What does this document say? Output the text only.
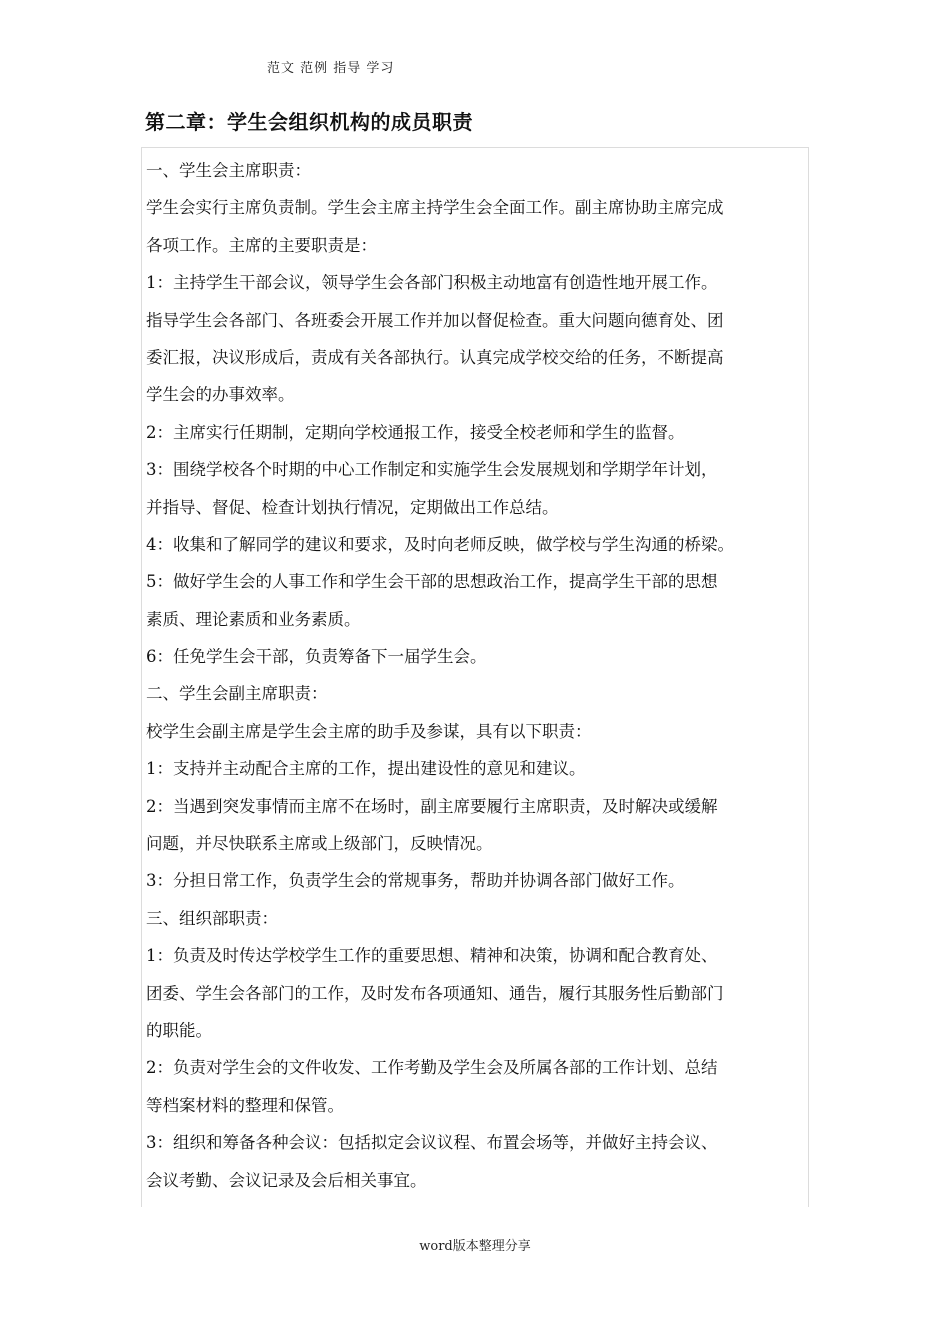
范文 范例 指导 学习
第二章：学生会组织机构的成员职责
一、学生会主席职责：
学生会实行主席负责制。学生会主席主持学生会全面工作。副主席协助主席完成
各项工作。主席的主要职责是：
1：主持学生干部会议，领导学生会各部门积极主动地富有创造性地开展工作。
指导学生会各部门、各班委会开展工作并加以督促检查。重大问题向德育处、团
委汇报，决议形成后，责成有关各部执行。认真完成学校交给的任务，不断提高
学生会的办事效率。
2：主席实行任期制，定期向学校通报工作，接受全校老师和学生的监督。
3：围绕学校各个时期的中心工作制定和实施学生会发展规划和学期学年计划，
并指导、督促、检查计划执行情况，定期做出工作总结。
4：收集和了解同学的建议和要求，及时向老师反映，做学校与学生沟通的桥梁。
5：做好学生会的人事工作和学生会干部的思想政治工作，提高学生干部的思想
素质、理论素质和业务素质。
6：任免学生会干部，负责筹备下一届学生会。
二、学生会副主席职责：
校学生会副主席是学生会主席的助手及参谋，具有以下职责：
1：支持并主动配合主席的工作，提出建设性的意见和建议。
2：当遇到突发事情而主席不在场时，副主席要履行主席职责，及时解决或缓解
问题，并尽快联系主席或上级部门，反映情况。
3：分担日常工作，负责学生会的常规事务，帮助并协调各部门做好工作。
三、组织部职责：
1：负责及时传达学校学生工作的重要思想、精神和决策，协调和配合教育处、
团委、学生会各部门的工作，及时发布各项通知、通告，履行其服务性后勤部门
的职能。
2：负责对学生会的文件收发、工作考勤及学生会及所属各部的工作计划、总结
等档案材料的整理和保管。
3：组织和筹备各种会议：包括拟定会议议程、布置会场等，并做好主持会议、
会议考勤、会议记录及会后相关事宜。
word版本整理分享
